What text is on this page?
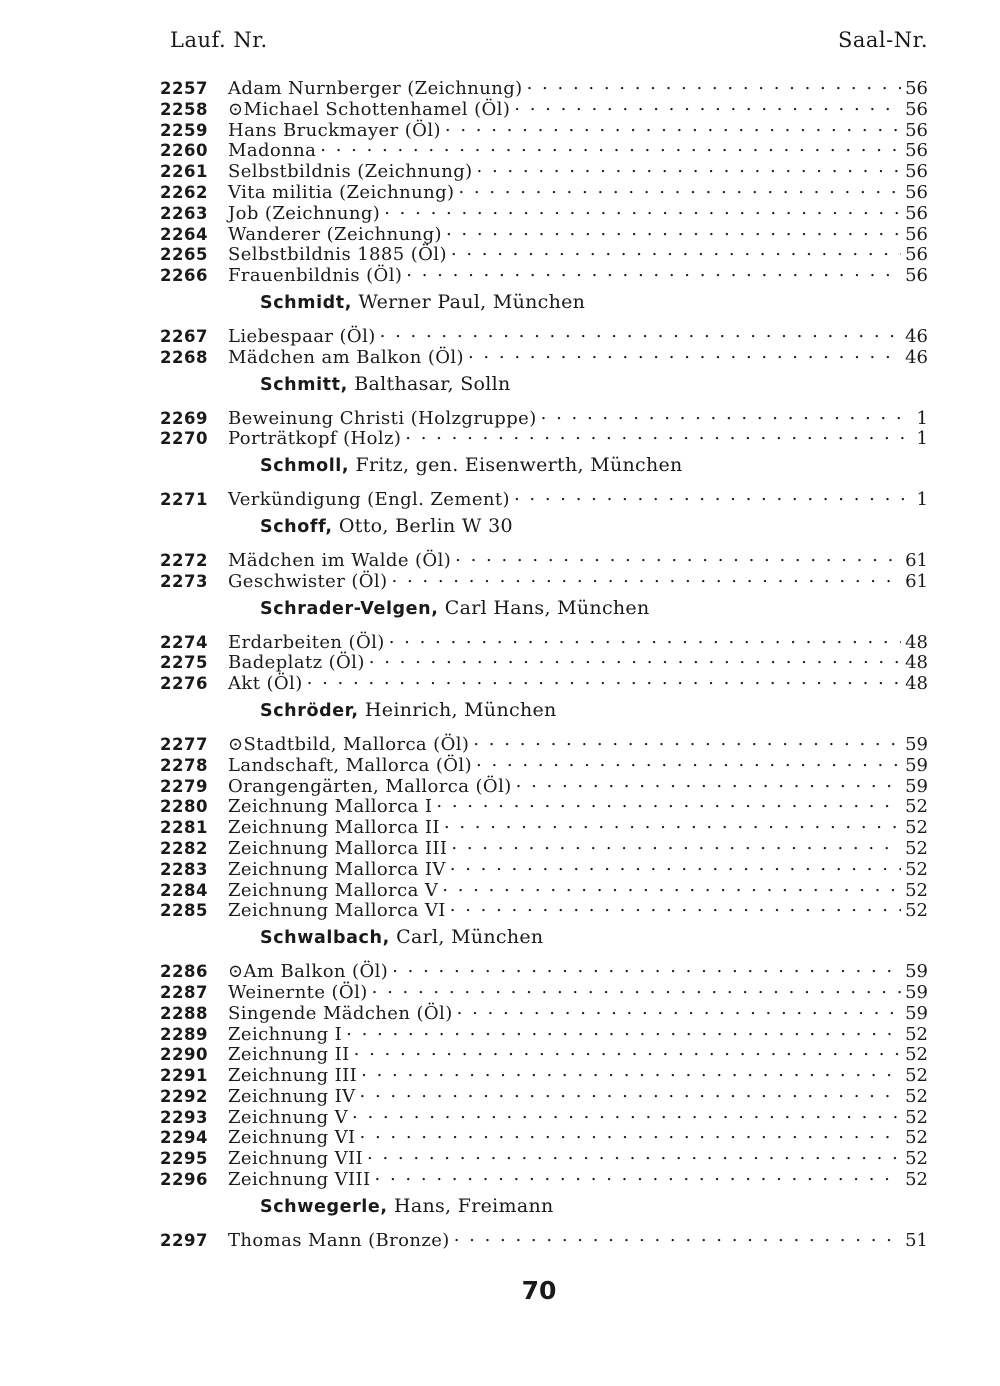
Lauf. Nr.	Saal-Nr.
2257	Adam Nurnberger (Zeichnung) . . .	56
2258	⊙Michael Schottenhamel (Öl) . . .	56
2259	Hans Bruckmayer (Öl) . . .	56
2260	Madonna . . .	56
2261	Selbstbildnis (Zeichnung) . . .	56
2262	Vita militia (Zeichnung) . . .	56
2263	Job (Zeichnung) . . .	56
2264	Wanderer (Zeichnung) . . .	56
2265	Selbstbildnis 1885 (Öl) . . .	56
2266	Frauenbildnis (Öl) . . .	56
Schmidt, Werner Paul, München
2267	Liebespaar (Öl) . . .	46
2268	Mädchen am Balkon (Öl) . . .	46
Schmitt, Balthasar, Solln
2269	Beweinung Christi (Holzgruppe) . . .	1
2270	Porträtkopf (Holz) . . .	1
Schmoll, Fritz, gen. Eisenwerth, München
2271	Verkündigung (Engl. Zement) . . .	1
Schoff, Otto, Berlin W 30
2272	Mädchen im Walde (Öl) . . .	61
2273	Geschwister (Öl) . . .	61
Schrader-Velgen, Carl Hans, München
2274	Erdarbeiten (Öl) . . .	48
2275	Badeplatz (Öl) . . .	48
2276	Akt (Öl) . . .	48
Schröder, Heinrich, München
2277	⊙Stadtbild, Mallorca (Öl) . . .	59
2278	Landschaft, Mallorca (Öl) . . .	59
2279	Orangengärten, Mallorca (Öl) . . .	59
2280	Zeichnung Mallorca I . . .	52
2281	Zeichnung Mallorca II . . .	52
2282	Zeichnung Mallorca III . . .	52
2283	Zeichnung Mallorca IV . . .	52
2284	Zeichnung Mallorca V . . .	52
2285	Zeichnung Mallorca VI . . .	52
Schwalbach, Carl, München
2286	⊙Am Balkon (Öl) . . .	59
2287	Weinernte (Öl) . . .	59
2288	Singende Mädchen (Öl) . . .	59
2289	Zeichnung I . . .	52
2290	Zeichnung II . . .	52
2291	Zeichnung III . . .	52
2292	Zeichnung IV . . .	52
2293	Zeichnung V . . .	52
2294	Zeichnung VI . . .	52
2295	Zeichnung VII . . .	52
2296	Zeichnung VIII . . .	52
Schwegerle, Hans, Freimann
2297	Thomas Mann (Bronze) . . .	51
70
